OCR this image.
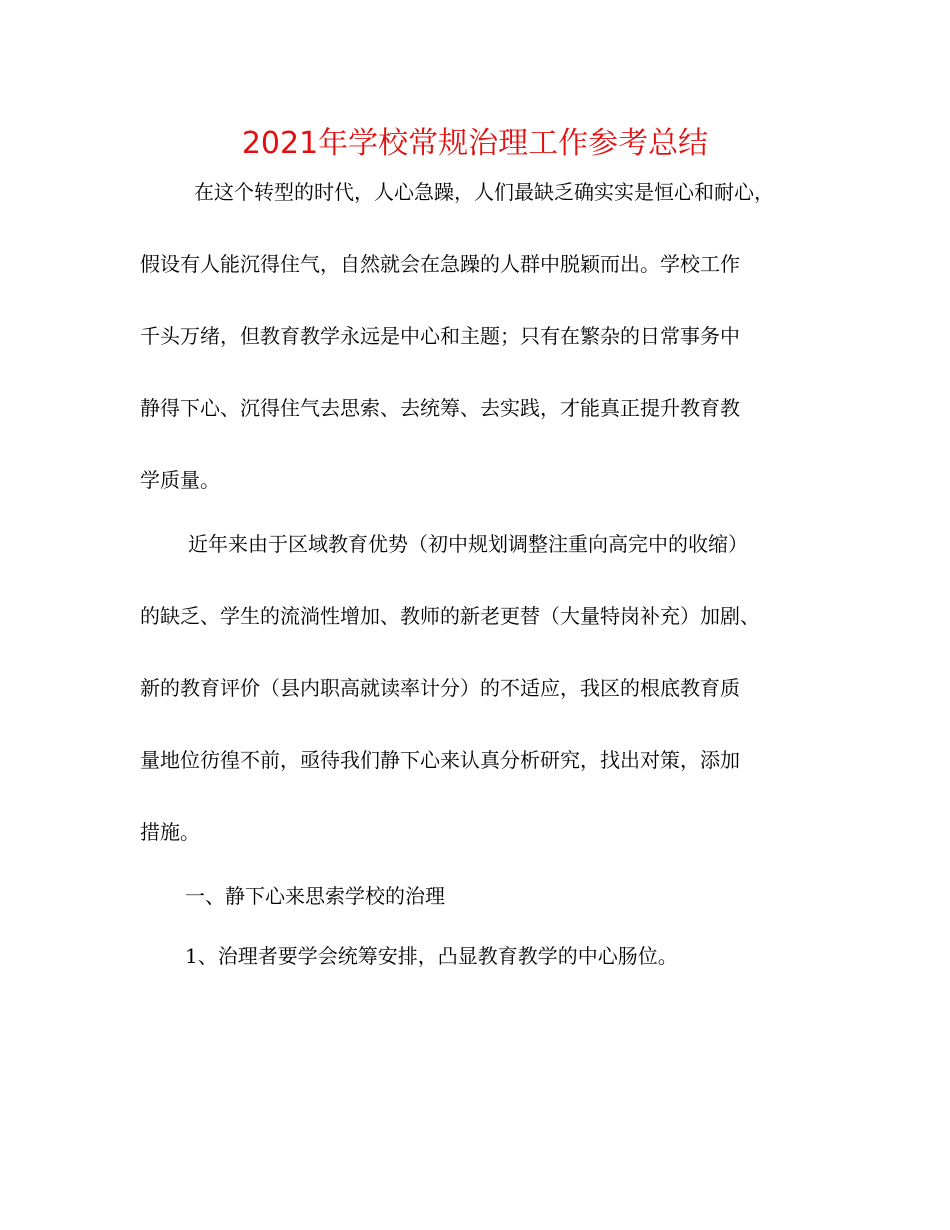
2021年学校常规治理工作参考总结
在这个转型的时代，人心急躁，人们最缺乏确实实是恒心和耐心，
假设有人能沉得住气，自然就会在急躁的人群中脱颖而出。学校工作
千头万绪，但教育教学永远是中心和主题；只有在繁杂的日常事务中
静得下心、沉得住气去思索、去统筹、去实践，才能真正提升教育教
学质量。
近年来由于区域教育优势（初中规划调整注重向高完中的收缩）
的缺乏、学生的流淌性增加、教师的新老更替（大量特岗补充）加剧、
新的教育评价（县内职高就读率计分）的不适应，我区的根底教育质
量地位彷徨不前，亟待我们静下心来认真分析研究，找出对策，添加
措施。
一、静下心来思索学校的治理
1、治理者要学会统筹安排，凸显教育教学的中心肠位。
